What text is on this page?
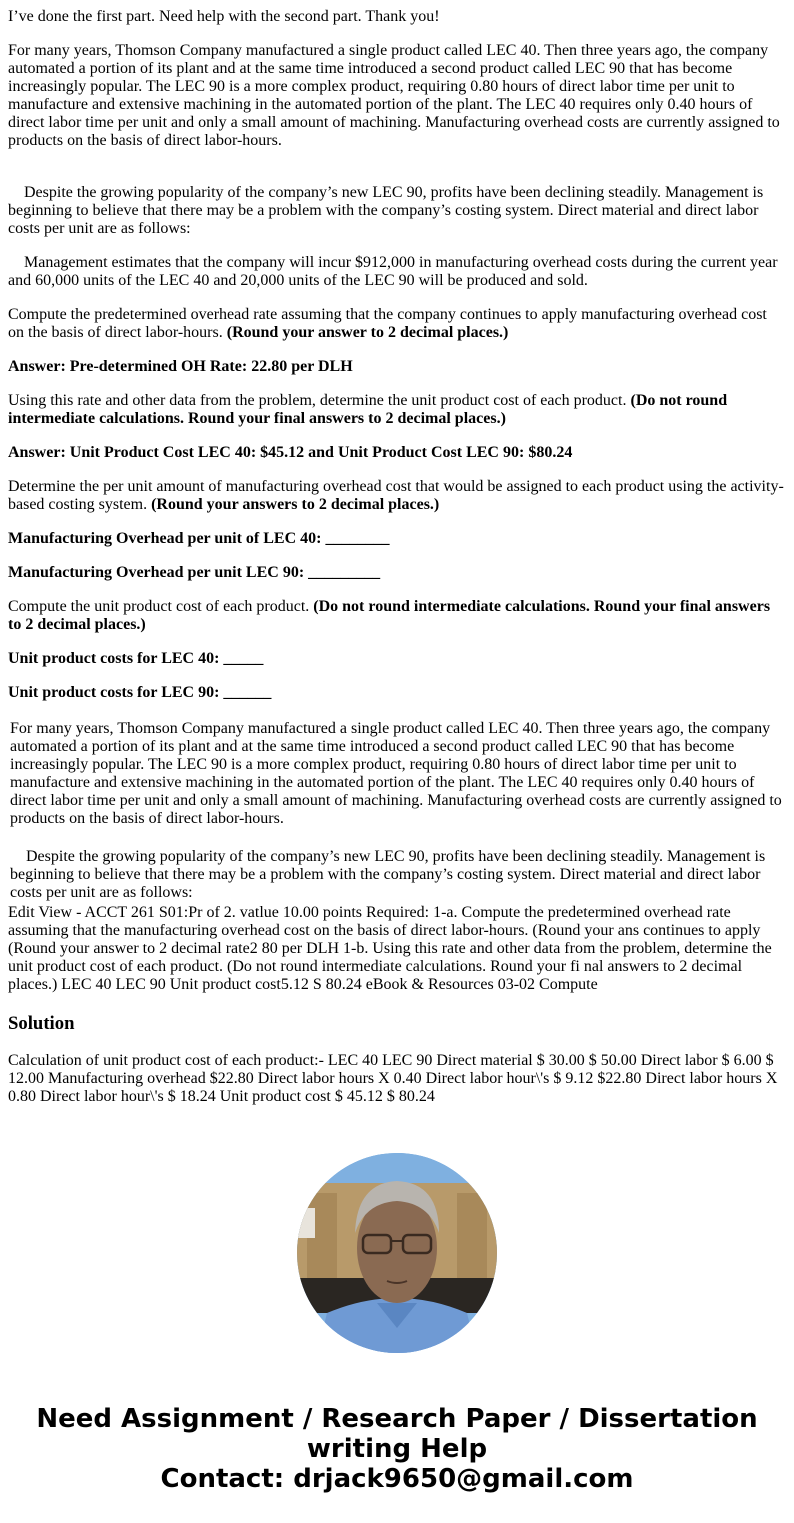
I’ve done the first part. Need help with the second part. Thank you!

For many years, Thomson Company manufactured a single product called LEC 40. Then three years ago, the company automated a portion of its plant and at the same time introduced a second product called LEC 90 that has become increasingly popular. The LEC 90 is a more complex product, requiring 0.80 hours of direct labor time per unit to manufacture and extensive machining in the automated portion of the plant. The LEC 40 requires only 0.40 hours of direct labor time per unit and only a small amount of machining. Manufacturing overhead costs are currently assigned to products on the basis of direct labor-hours.

Despite the growing popularity of the company’s new LEC 90, profits have been declining steadily. Management is beginning to believe that there may be a problem with the company’s costing system. Direct material and direct labor costs per unit are as follows:

Management estimates that the company will incur $912,000 in manufacturing overhead costs during the current year and 60,000 units of the LEC 40 and 20,000 units of the LEC 90 will be produced and sold.

Compute the predetermined overhead rate assuming that the company continues to apply manufacturing overhead cost on the basis of direct labor-hours. (Round your answer to 2 decimal places.)

Answer: Pre-determined OH Rate: 22.80 per DLH

Using this rate and other data from the problem, determine the unit product cost of each product. (Do not round intermediate calculations. Round your final answers to 2 decimal places.)

Answer: Unit Product Cost LEC 40: $45.12 and Unit Product Cost LEC 90: $80.24

Determine the per unit amount of manufacturing overhead cost that would be assigned to each product using the activity-based costing system. (Round your answers to 2 decimal places.)

Manufacturing Overhead per unit of LEC 40: ________

Manufacturing Overhead per unit LEC 90: _________

Compute the unit product cost of each product. (Do not round intermediate calculations. Round your final answers to 2 decimal places.)

Unit product costs for LEC 40: _____

Unit product costs for LEC 90: ______

For many years, Thomson Company manufactured a single product called LEC 40. Then three years ago, the company automated a portion of its plant and at the same time introduced a second product called LEC 90 that has become increasingly popular. The LEC 90 is a more complex product, requiring 0.80 hours of direct labor time per unit to manufacture and extensive machining in the automated portion of the plant. The LEC 40 requires only 0.40 hours of direct labor time per unit and only a small amount of machining. Manufacturing overhead costs are currently assigned to products on the basis of direct labor-hours.

Despite the growing popularity of the company’s new LEC 90, profits have been declining steadily. Management is beginning to believe that there may be a problem with the company’s costing system. Direct material and direct labor costs per unit are as follows:

Edit View - ACCT 261 S01:Pr of 2. vatlue 10.00 points Required: 1-a. Compute the predetermined overhead rate assuming that the manufacturing overhead cost on the basis of direct labor-hours. (Round your ans continues to apply (Round your answer to 2 decimal rate2 80 per DLH 1-b. Using this rate and other data from the problem, determine the unit product cost of each product. (Do not round intermediate calculations. Round your fi nal answers to 2 decimal places.) LEC 40 LEC 90 Unit product cost5.12 S 80.24 eBook & Resources 03-02 Compute

Solution

Calculation of unit product cost of each product:- LEC 40 LEC 90 Direct material $ 30.00 $ 50.00 Direct labor $ 6.00 $ 12.00 Manufacturing overhead $22.80 Direct labor hours X 0.40 Direct labor hour\'s $ 9.12 $22.80 Direct labor hours X 0.80 Direct labor hour\'s $ 18.24 Unit product cost $ 45.12 $ 80.24

Need Assignment / Research Paper / Dissertation
writing Help
Contact: drjack9650@gmail.com
